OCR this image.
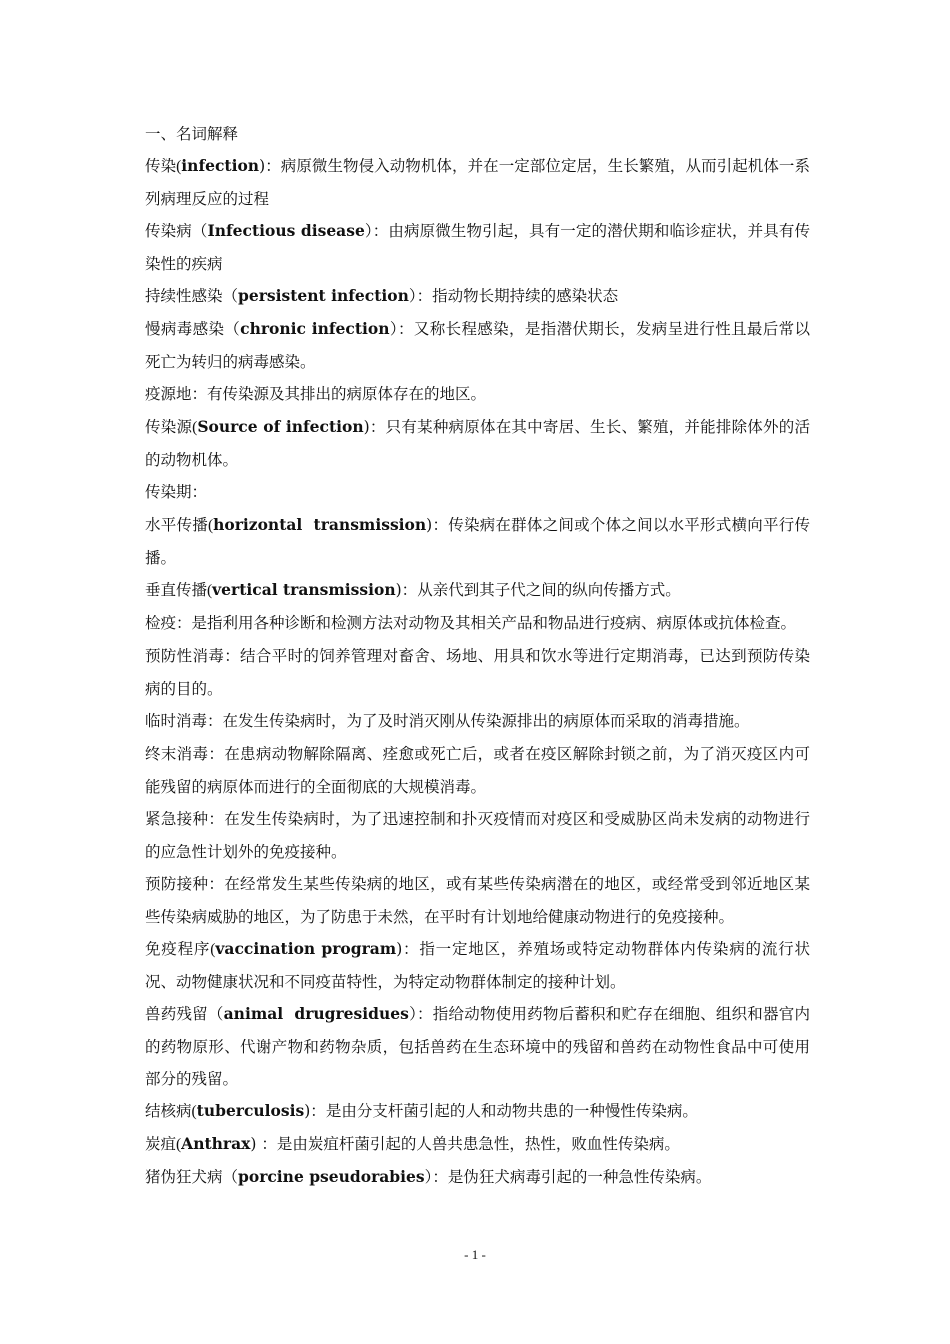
一、名词解释

传染(infection)：病原微生物侵入动物机体，并在一定部位定居，生长繁殖，从而引起机体一系列病理反应的过程

传染病（Infectious disease）：由病原微生物引起，具有一定的潜伏期和临诊症状，并具有传染性的疾病

持续性感染（persistent infection）：指动物长期持续的感染状态

慢病毒感染（chronic infection）：又称长程感染，是指潜伏期长，发病呈进行性且最后常以死亡为转归的病毒感染。

疫源地：有传染源及其排出的病原体存在的地区。

传染源(Source of infection)：只有某种病原体在其中寄居、生长、繁殖，并能排除体外的活的动物机体。

传染期：

水平传播(horizontal  transmission)：传染病在群体之间或个体之间以水平形式横向平行传播。

垂直传播(vertical transmission)：从亲代到其子代之间的纵向传播方式。

检疫：是指利用各种诊断和检测方法对动物及其相关产品和物品进行疫病、病原体或抗体检查。

预防性消毒：结合平时的饲养管理对畜舍、场地、用具和饮水等进行定期消毒，已达到预防传染病的目的。

临时消毒：在发生传染病时，为了及时消灭刚从传染源排出的病原体而采取的消毒措施。

终末消毒：在患病动物解除隔离、痊愈或死亡后，或者在疫区解除封锁之前，为了消灭疫区内可能残留的病原体而进行的全面彻底的大规模消毒。

紧急接种：在发生传染病时，为了迅速控制和扑灭疫情而对疫区和受威胁区尚未发病的动物进行的应急性计划外的免疫接种。

预防接种：在经常发生某些传染病的地区，或有某些传染病潜在的地区，或经常受到邻近地区某些传染病威胁的地区，为了防患于未然，在平时有计划地给健康动物进行的免疫接种。

免疫程序(vaccination program)：指一定地区，养殖场或特定动物群体内传染病的流行状况、动物健康状况和不同疫苗特性，为特定动物群体制定的接种计划。

兽药残留（animal  drugresidues）：指给动物使用药物后蓄积和贮存在细胞、组织和器官内的药物原形、代谢产物和药物杂质，包括兽药在生态环境中的残留和兽药在动物性食品中可使用部分的残留。

结核病(tuberculosis)：是由分支杆菌引起的人和动物共患的一种慢性传染病。

炭疽(Anthrax) ：是由炭疽杆菌引起的人兽共患急性，热性，败血性传染病。

猪伪狂犬病（porcine pseudorabies）：是伪狂犬病毒引起的一种急性传染病。

- 1 -
